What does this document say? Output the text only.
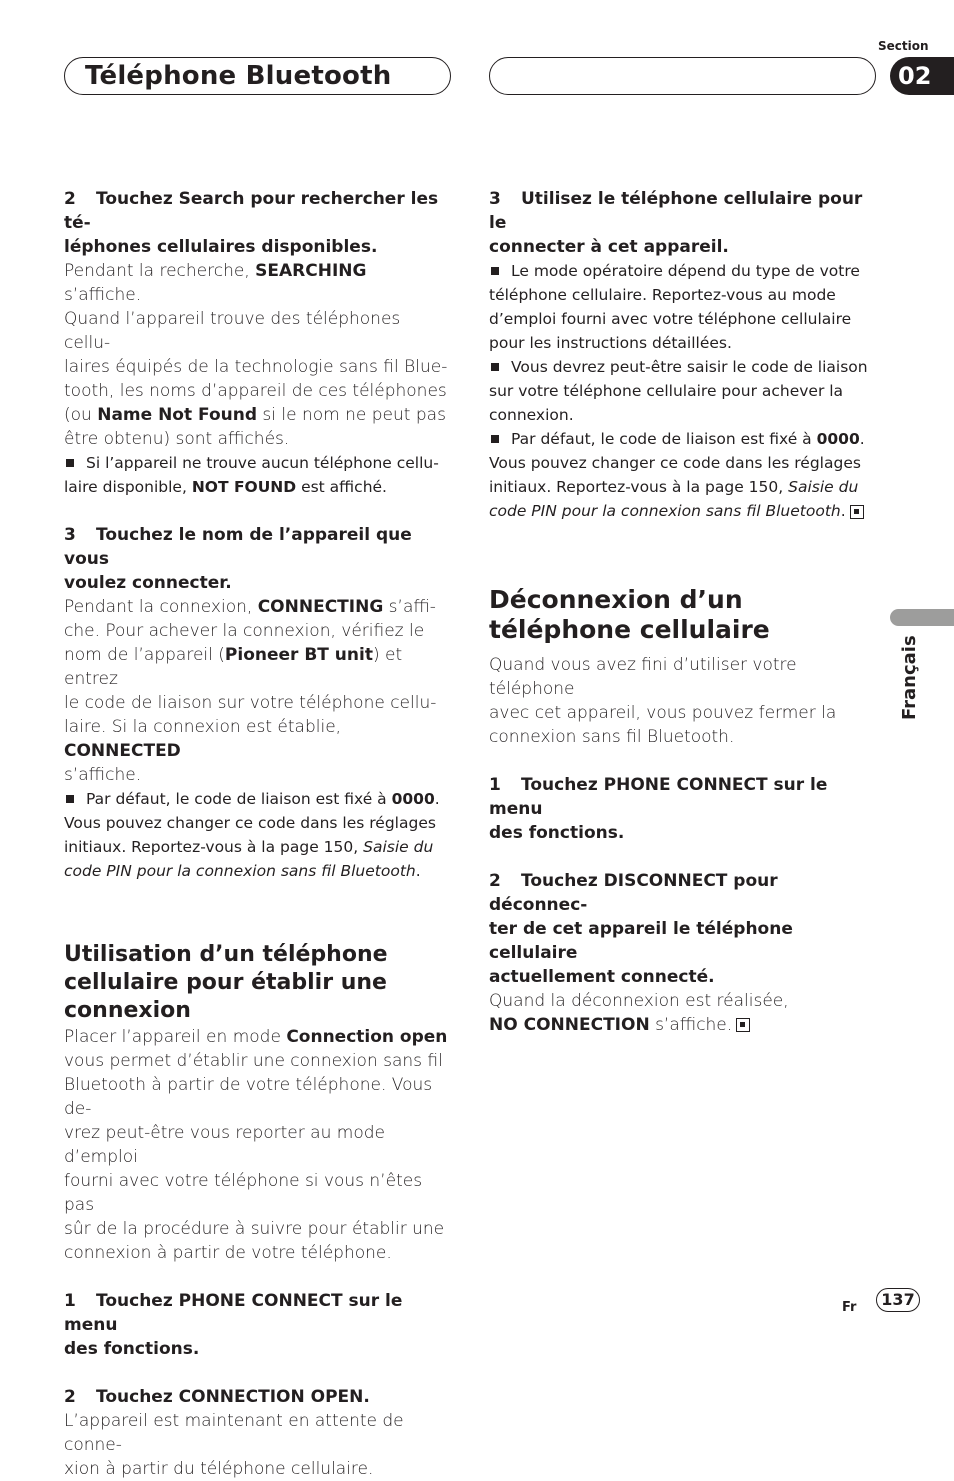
Téléphone Bluetooth
Section
02
Français

2 Touchez Search pour rechercher les té-
léphones cellulaires disponibles.

Pendant la recherche, SEARCHING s’affiche.
Quand l’appareil trouve des téléphones cellu-
laires équipés de la technologie sans fil Blue-
tooth, les noms d’appareil de ces téléphones
(ou Name Not Found si le nom ne peut pas
être obtenu) sont affichés.

Si l’appareil ne trouve aucun téléphone cellu-
laire disponible, NOT FOUND est affiché.

3 Touchez le nom de l’appareil que vous
voulez connecter.

Pendant la connexion, CONNECTING s’affi-
che. Pour achever la connexion, vérifiez le
nom de l’appareil (Pioneer BT unit) et entrez
le code de liaison sur votre téléphone cellu-
laire. Si la connexion est établie, CONNECTED
s’affiche.

Par défaut, le code de liaison est fixé à 0000.
Vous pouvez changer ce code dans les réglages
initiaux. Reportez-vous à la page 150, Saisie du
code PIN pour la connexion sans fil Bluetooth.

Utilisation d’un téléphone
cellulaire pour établir une
connexion

Placer l’appareil en mode Connection open
vous permet d’établir une connexion sans fil
Bluetooth à partir de votre téléphone. Vous de-
vrez peut-être vous reporter au mode d’emploi
fourni avec votre téléphone si vous n’êtes pas
sûr de la procédure à suivre pour établir une
connexion à partir de votre téléphone.

1 Touchez PHONE CONNECT sur le menu
des fonctions.

2 Touchez CONNECTION OPEN.

L’appareil est maintenant en attente de conne-
xion à partir du téléphone cellulaire.

3 Utilisez le téléphone cellulaire pour le
connecter à cet appareil.

Le mode opératoire dépend du type de votre
téléphone cellulaire. Reportez-vous au mode
d’emploi fourni avec votre téléphone cellulaire
pour les instructions détaillées.

Vous devrez peut-être saisir le code de liaison
sur votre téléphone cellulaire pour achever la
connexion.

Par défaut, le code de liaison est fixé à 0000.
Vous pouvez changer ce code dans les réglages
initiaux. Reportez-vous à la page 150, Saisie du
code PIN pour la connexion sans fil Bluetooth.

Déconnexion d’un
téléphone cellulaire

Quand vous avez fini d’utiliser votre téléphone
avec cet appareil, vous pouvez fermer la
connexion sans fil Bluetooth.

1 Touchez PHONE CONNECT sur le menu
des fonctions.

2 Touchez DISCONNECT pour déconnec-
ter de cet appareil le téléphone cellulaire
actuellement connecté.

Quand la déconnexion est réalisée,
NO CONNECTION s’affiche.

Fr	137
